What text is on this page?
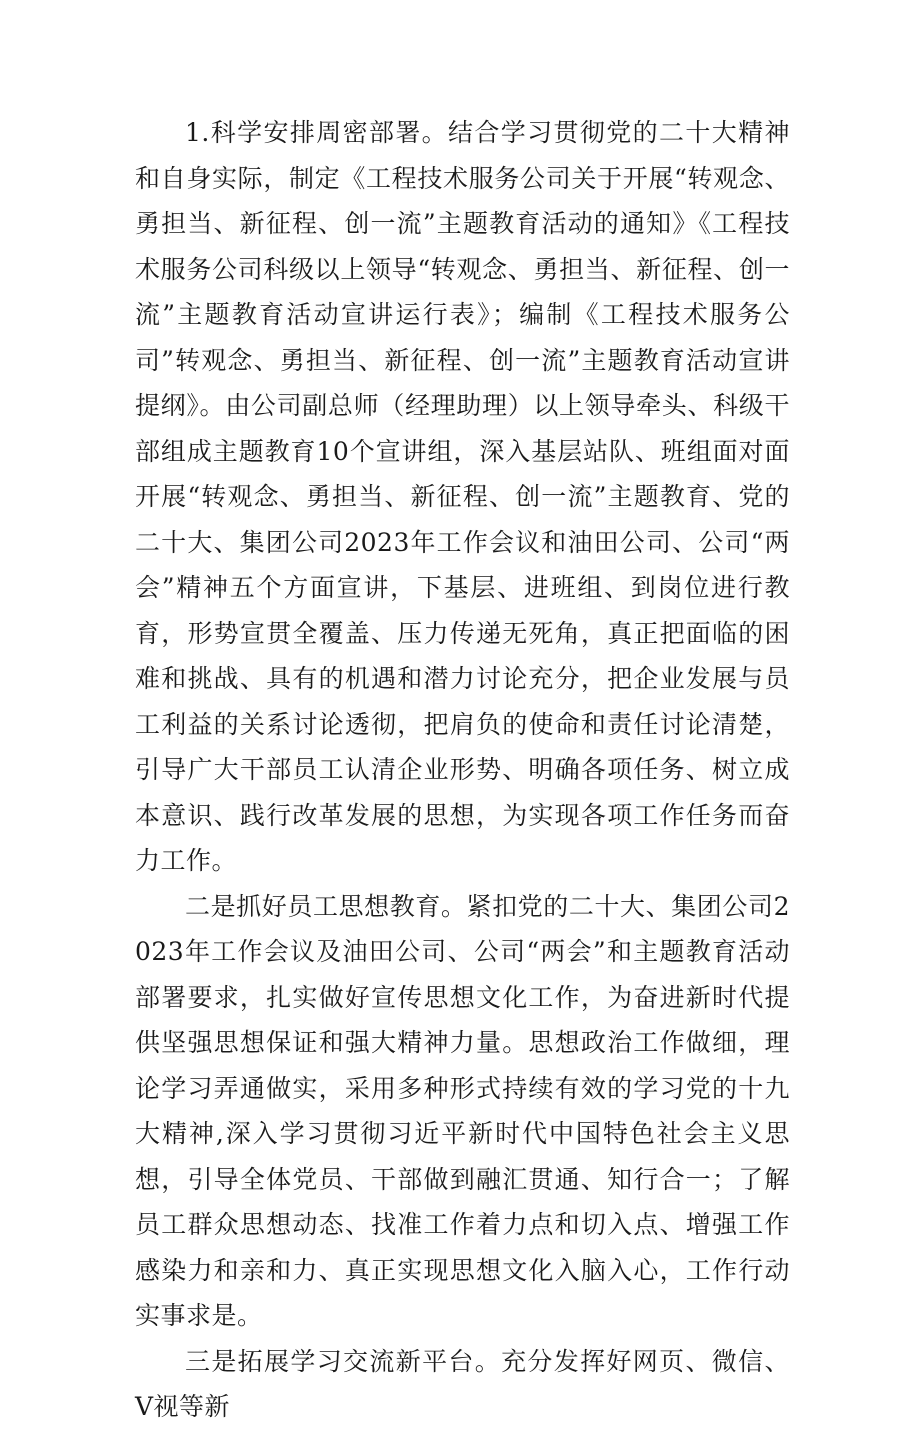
1.科学安排周密部署。结合学习贯彻党的二十大精神和自身实际，制定《工程技术服务公司关于开展“转观念、勇担当、新征程、创一流”主题教育活动的通知》《工程技术服务公司科级以上领导“转观念、勇担当、新征程、创一流”主题教育活动宣讲运行表》；编制《工程技术服务公司”转观念、勇担当、新征程、创一流”主题教育活动宣讲提纲》。由公司副总师（经理助理）以上领导牵头、科级干部组成主题教育10个宣讲组，深入基层站队、班组面对面开展“转观念、勇担当、新征程、创一流”主题教育、党的二十大、集团公司2023年工作会议和油田公司、公司“两会”精神五个方面宣讲，下基层、进班组、到岗位进行教育，形势宣贯全覆盖、压力传递无死角，真正把面临的困难和挑战、具有的机遇和潜力讨论充分，把企业发展与员工利益的关系讨论透彻，把肩负的使命和责任讨论清楚，引导广大干部员工认清企业形势、明确各项任务、树立成本意识、践行改革发展的思想，为实现各项工作任务而奋力工作。

二是抓好员工思想教育。紧扣党的二十大、集团公司2023年工作会议及油田公司、公司“两会”和主题教育活动部署要求，扎实做好宣传思想文化工作，为奋进新时代提供坚强思想保证和强大精神力量。思想政治工作做细，理论学习弄通做实，采用多种形式持续有效的学习党的十九大精神,深入学习贯彻习近平新时代中国特色社会主义思想，引导全体党员、干部做到融汇贯通、知行合一；了解员工群众思想动态、找准工作着力点和切入点、增强工作感染力和亲和力、真正实现思想文化入脑入心，工作行动实事求是。

三是拓展学习交流新平台。充分发挥好网页、微信、V视等新
